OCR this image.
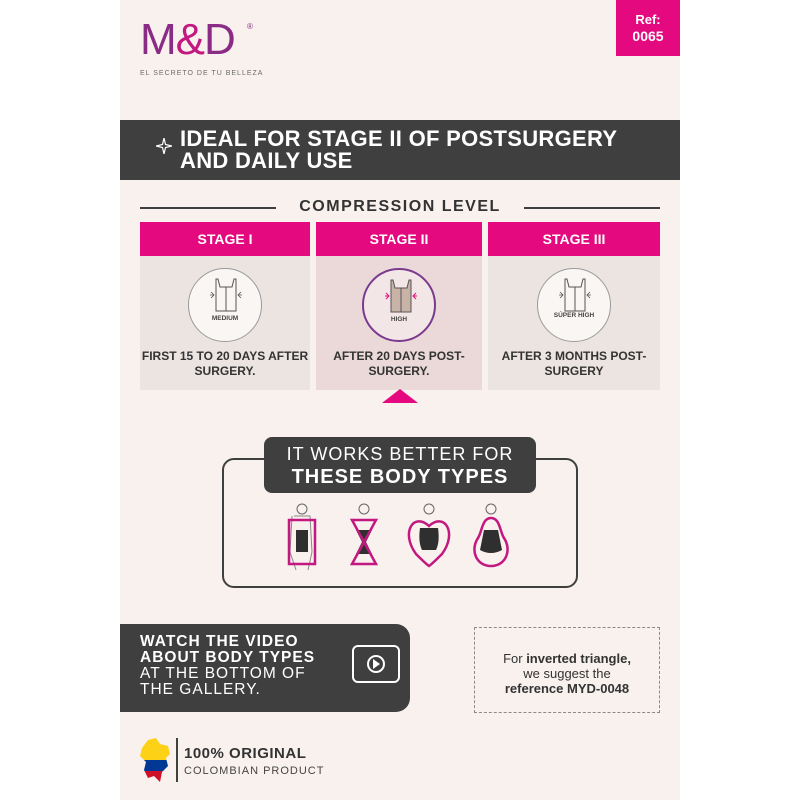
M&D ®
EL SECRETO DE TU BELLEZA
Ref:
0065
IDEAL FOR STAGE II OF POSTSURGERY AND DAILY USE
COMPRESSION LEVEL
STAGE I
MEDIUM
FIRST 15 TO 20 DAYS AFTER SURGERY.
STAGE II
HIGH
AFTER 20 DAYS POST-SURGERY.
STAGE III
SÚPER HIGH
AFTER 3 MONTHS POST-SURGERY
IT WORKS BETTER FOR
THESE BODY TYPES
WATCH THE VIDEO
ABOUT BODY TYPES
AT THE BOTTOM OF
THE GALLERY.
For inverted triangle,
we suggest the
reference MYD-0048
100% ORIGINAL
COLOMBIAN PRODUCT
